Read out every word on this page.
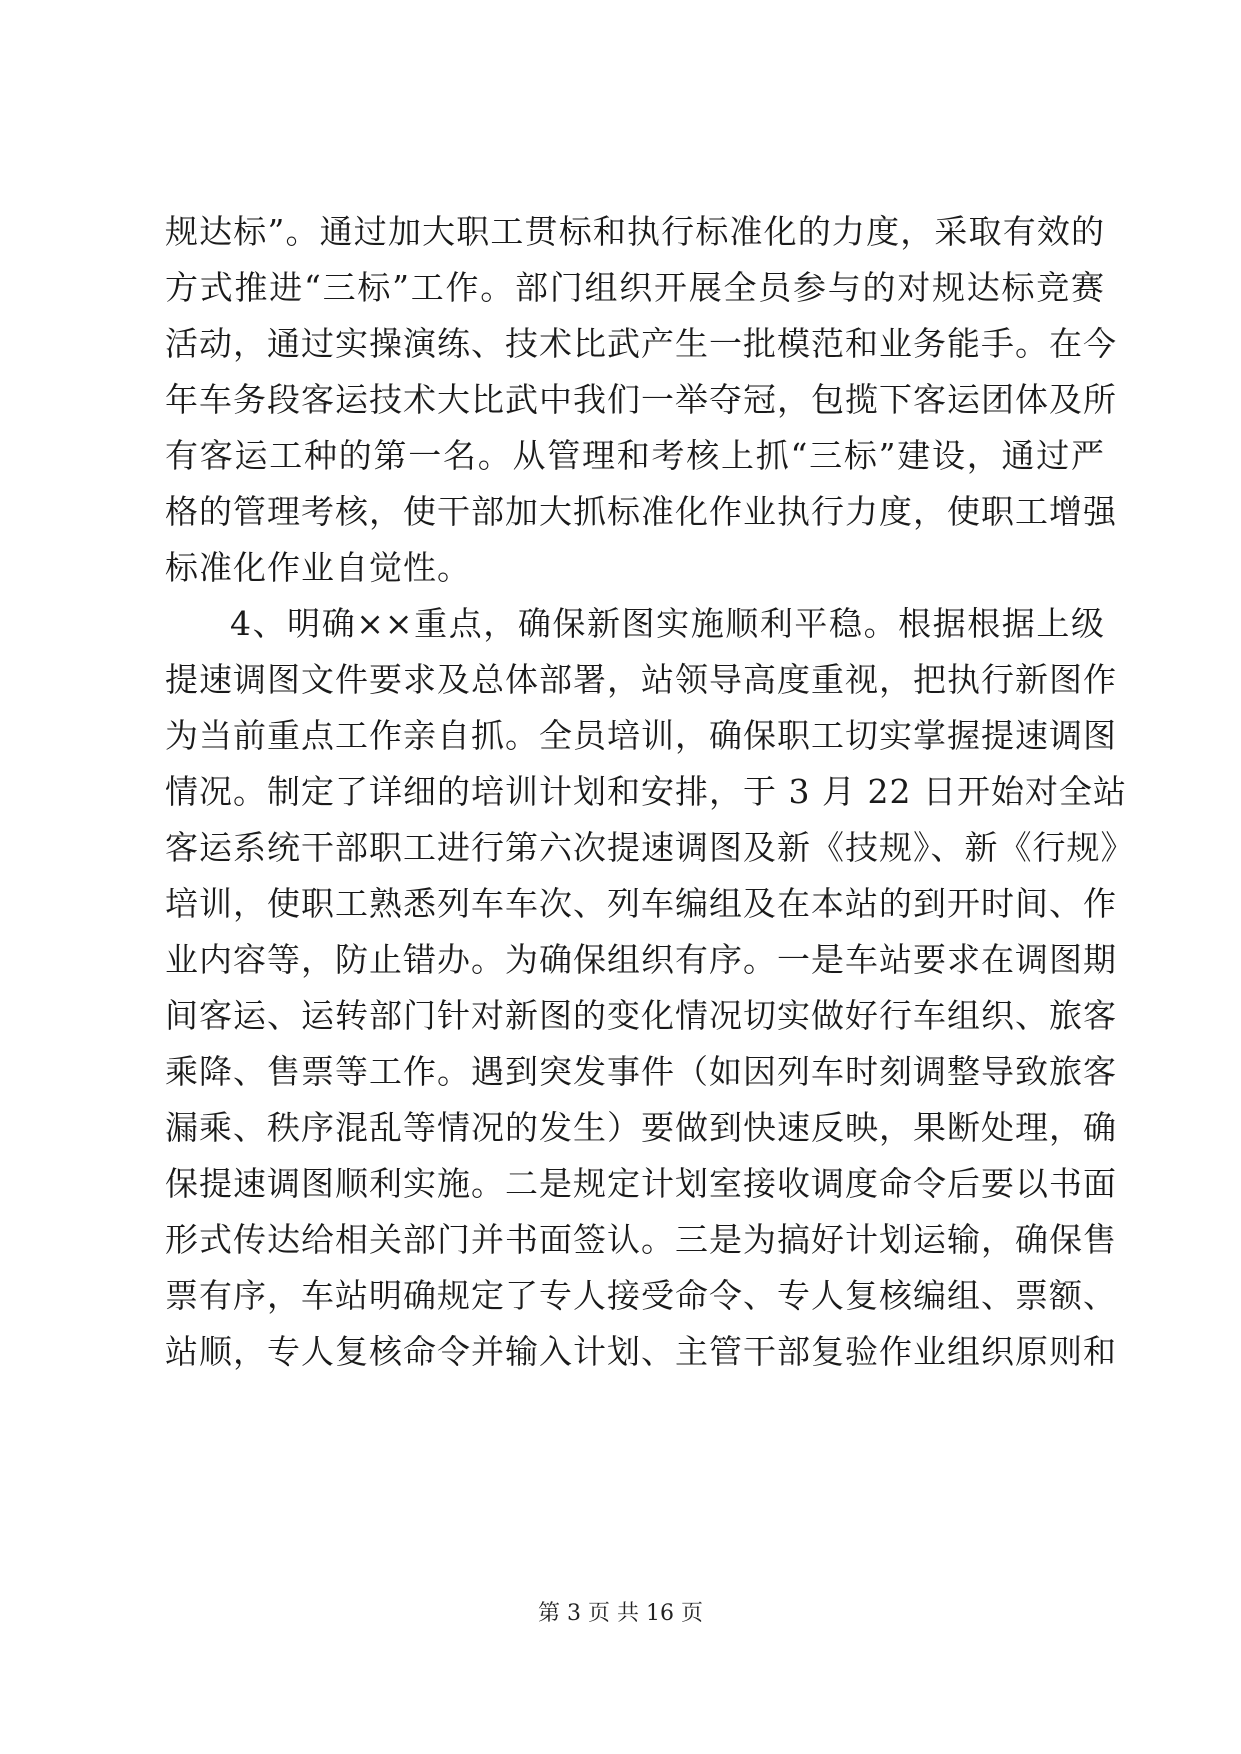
规达标”。通过加大职工贯标和执行标准化的力度，采取有效的
方式推进“三标”工作。部门组织开展全员参与的对规达标竞赛
活动，通过实操演练、技术比武产生一批模范和业务能手。在今
年车务段客运技术大比武中我们一举夺冠，包揽下客运团体及所
有客运工种的第一名。从管理和考核上抓“三标”建设，通过严
格的管理考核，使干部加大抓标准化作业执行力度，使职工增强
标准化作业自觉性。
4、明确××重点，确保新图实施顺利平稳。根据根据上级
提速调图文件要求及总体部署，站领导高度重视，把执行新图作
为当前重点工作亲自抓。全员培训，确保职工切实掌握提速调图
情况。制定了详细的培训计划和安排，于 3 月 22 日开始对全站
客运系统干部职工进行第六次提速调图及新《技规》、新《行规》
培训，使职工熟悉列车车次、列车编组及在本站的到开时间、作
业内容等，防止错办。为确保组织有序。一是车站要求在调图期
间客运、运转部门针对新图的变化情况切实做好行车组织、旅客
乘降、售票等工作。遇到突发事件（如因列车时刻调整导致旅客
漏乘、秩序混乱等情况的发生）要做到快速反映，果断处理，确
保提速调图顺利实施。二是规定计划室接收调度命令后要以书面
形式传达给相关部门并书面签认。三是为搞好计划运输，确保售
票有序，车站明确规定了专人接受命令、专人复核编组、票额、
站顺，专人复核命令并输入计划、主管干部复验作业组织原则和
第 3 页 共 16 页
